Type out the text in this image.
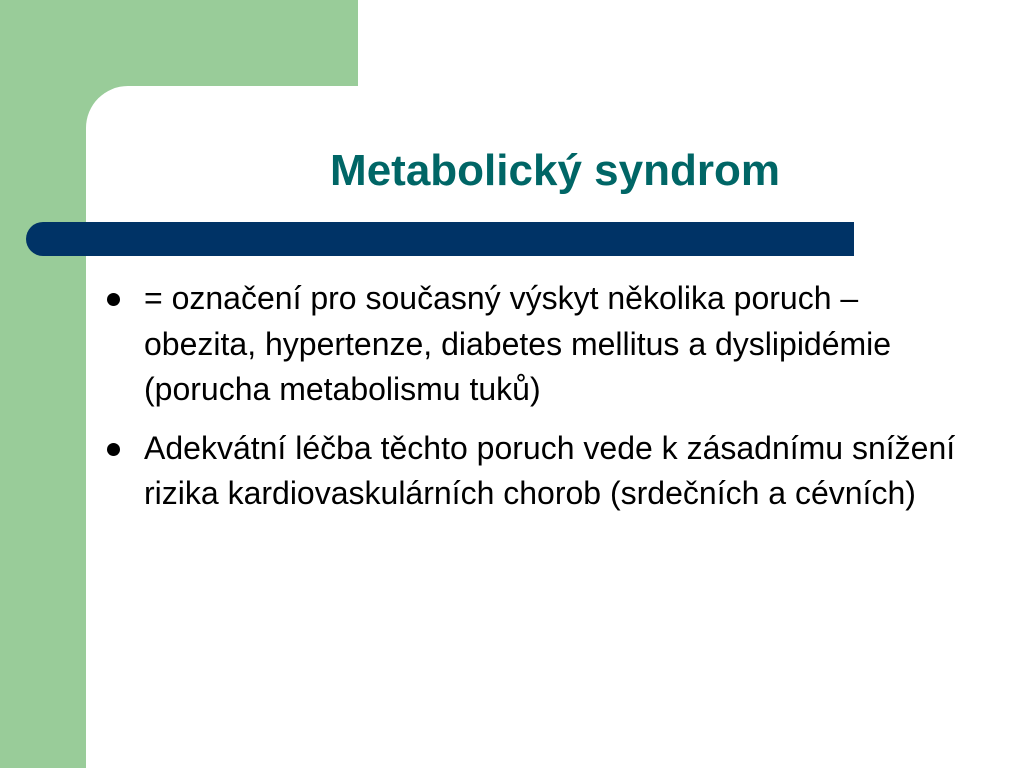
Metabolický syndrom
= označení pro současný výskyt několika poruch – obezita, hypertenze, diabetes mellitus a dyslipidémie (porucha metabolismu tuků)
Adekvátní léčba těchto poruch vede k zásadnímu snížení rizika kardiovaskulárních chorob (srdečních a cévních)
